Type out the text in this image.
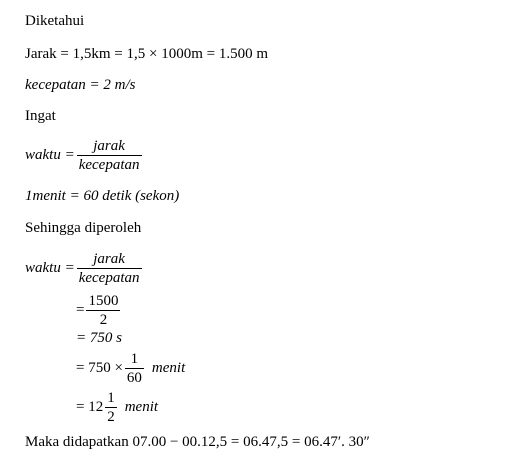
Diketahui
Jarak = 1,5km = 1,5 × 1000m = 1.500 m
kecepatan = 2 m/s
Ingat
waktu = $\frac{\text{jarak}}{\text{kecepatan}}$
1menit = 60 detik (sekon)
Sehingga diperoleh
waktu = $\frac{\text{jarak}}{\text{kecepatan}}$
= $\frac{1500}{2}$
= 750 s
= $750 \times \frac{1}{60}$ menit
= $12 \frac{1}{2}$ menit
Maka didapatkan 07.00 − 00.12,5 = 06.47,5 = 06.47′. 30″
